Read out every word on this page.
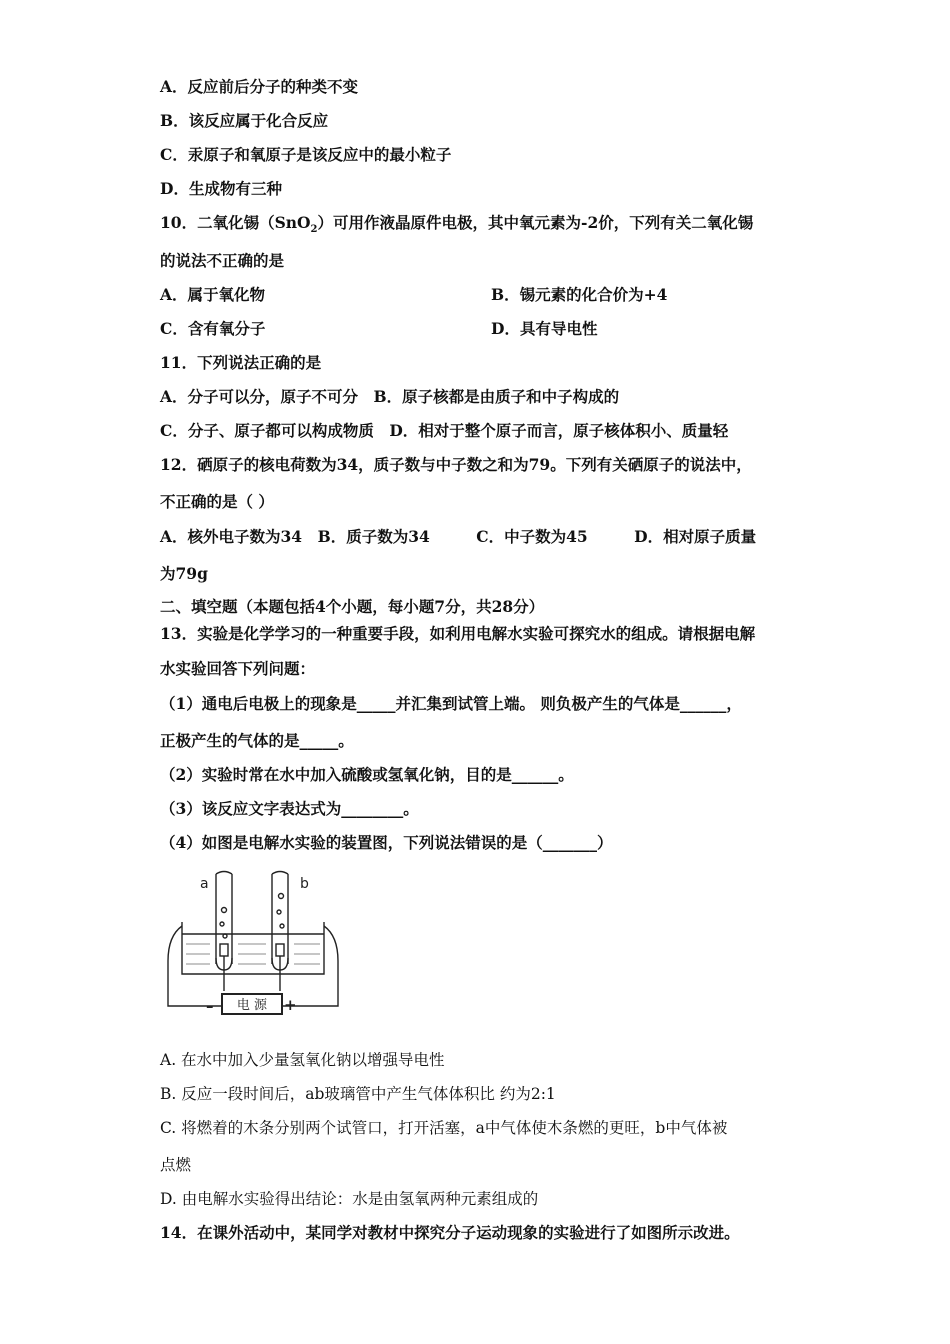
A．反应前后分子的种类不变
B．该反应属于化合反应
C．汞原子和氧原子是该反应中的最小粒子
D．生成物有三种
10．二氧化锡（SnO$_2$）可用作液晶原件电极，其中氧元素为-2价，下列有关二氧化锡
的说法不正确的是
A．属于氧化物	B．锡元素的化合价为+4
C．含有氧分子	D．具有导电性
11．下列说法正确的是
A．分子可以分，原子不可分　B．原子核都是由质子和中子构成的
C．分子、原子都可以构成物质　D．相对于整个原子而言，原子核体积小、质量轻
12．硒原子的核电荷数为34，质子数与中子数之和为79。下列有关硒原子的说法中，
不正确的是（ ）
A．核外电子数为34　B．质子数为34　　　C．中子数为45　　　D．相对原子质量
为79g
二、填空题（本题包括4个小题，每小题7分，共28分）
13．实验是化学学习的一种重要手段，如利用电解水实验可探究水的组成。请根据电解
水实验回答下列问题：
（1）通电后电极上的现象是_____并汇集到试管上端。 则负极产生的气体是______，
正极产生的气体的是_____。
（2）实验时常在水中加入硫酸或氢氧化钠，目的是______。
（3）该反应文字表达式为________。
（4）如图是电解水实验的装置图，下列说法错误的是（_______）
a	b
–	+
电 源
A. 在水中加入少量氢氧化钠以增强导电性
B. 反应一段时间后，ab玻璃管中产生气体体积比 约为2:1
C. 将燃着的木条分别两个试管口，打开活塞，a中气体使木条燃的更旺，b中气体被
点燃
D. 由电解水实验得出结论：水是由氢氧两种元素组成的
14．在课外活动中，某同学对教材中探究分子运动现象的实验进行了如图所示改进。
